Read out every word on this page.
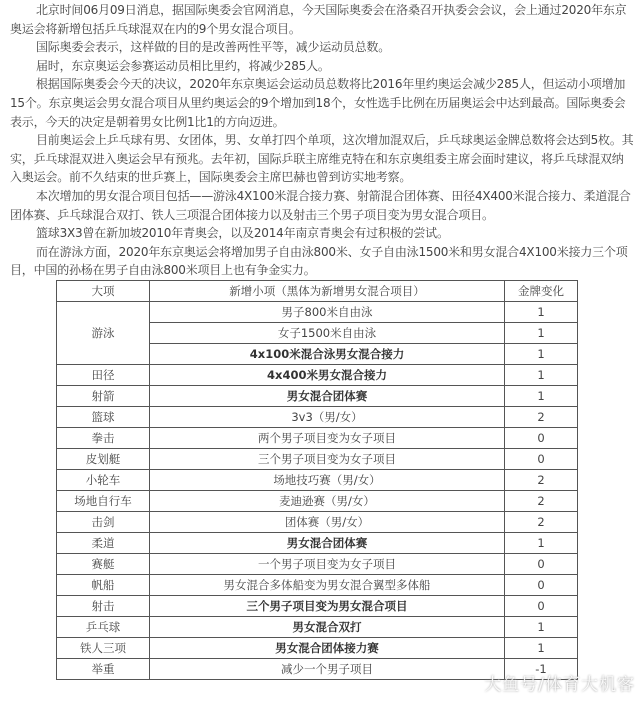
北京时间06月09日消息，据国际奥委会官网消息，今天国际奥委会在洛桑召开执委会会议，会上通过2020年东京奥运会将新增包括乒乓球混双在内的9个男女混合项目。

国际奥委会表示，这样做的目的是改善两性平等，减少运动员总数。

届时，东京奥运会参赛运动员相比里约，将减少285人。

根据国际奥委会今天的决议，2020年东京奥运会运动员总数将比2016年里约奥运会减少285人，但运动小项增加15个。东京奥运会男女混合项目从里约奥运会的9个增加到18个，女性选手比例在历届奥运会中达到最高。国际奥委会表示，今天的决定是朝着男女比例1比1的方向迈进。

目前奥运会上乒乓球有男、女团体，男、女单打四个单项，这次增加混双后，乒乓球奥运金牌总数将会达到5枚。其实，乒乓球混双进入奥运会早有预兆。去年初，国际乒联主席维克特在和东京奥组委主席会面时建议，将乒乓球混双纳入奥运会。前不久结束的世乒赛上，国际奥委会主席巴赫也曾到访实地考察。

本次增加的男女混合项目包括——游泳4X100米混合接力赛、射箭混合团体赛、田径4X400米混合接力、柔道混合团体赛、乒乓球混合双打、铁人三项混合团体接力以及射击三个男子项目变为男女混合项目。

篮球3X3曾在新加坡2010年青奥会，以及2014年南京青奥会有过积极的尝试。

而在游泳方面，2020年东京奥运会将增加男子自由泳800米、女子自由泳1500米和男女混合4X100米接力三个项目，中国的孙杨在男子自由泳800米项目上也有争金实力。

大项	新增小项（黑体为新增男女混合项目）	金牌变化
游泳	男子800米自由泳	1
	女子1500米自由泳	1
	4x100米混合泳男女混合接力	1
田径	4x400米男女混合接力	1
射箭	男女混合团体赛	1
篮球	3v3（男/女）	2
拳击	两个男子项目变为女子项目	0
皮划艇	三个男子项目变为女子项目	0
小轮车	场地技巧赛（男/女）	2
场地自行车	麦迪逊赛（男/女）	2
击剑	团体赛（男/女）	2
柔道	男女混合团体赛	1
赛艇	一个男子项目变为女子项目	0
帆船	男女混合多体船变为男女混合翼型多体船	0
射击	三个男子项目变为男女混合项目	0
乒乓球	男女混合双打	1
铁人三项	男女混合团体接力赛	1
举重	减少一个男子项目	-1
大鱼号/体育大机客
